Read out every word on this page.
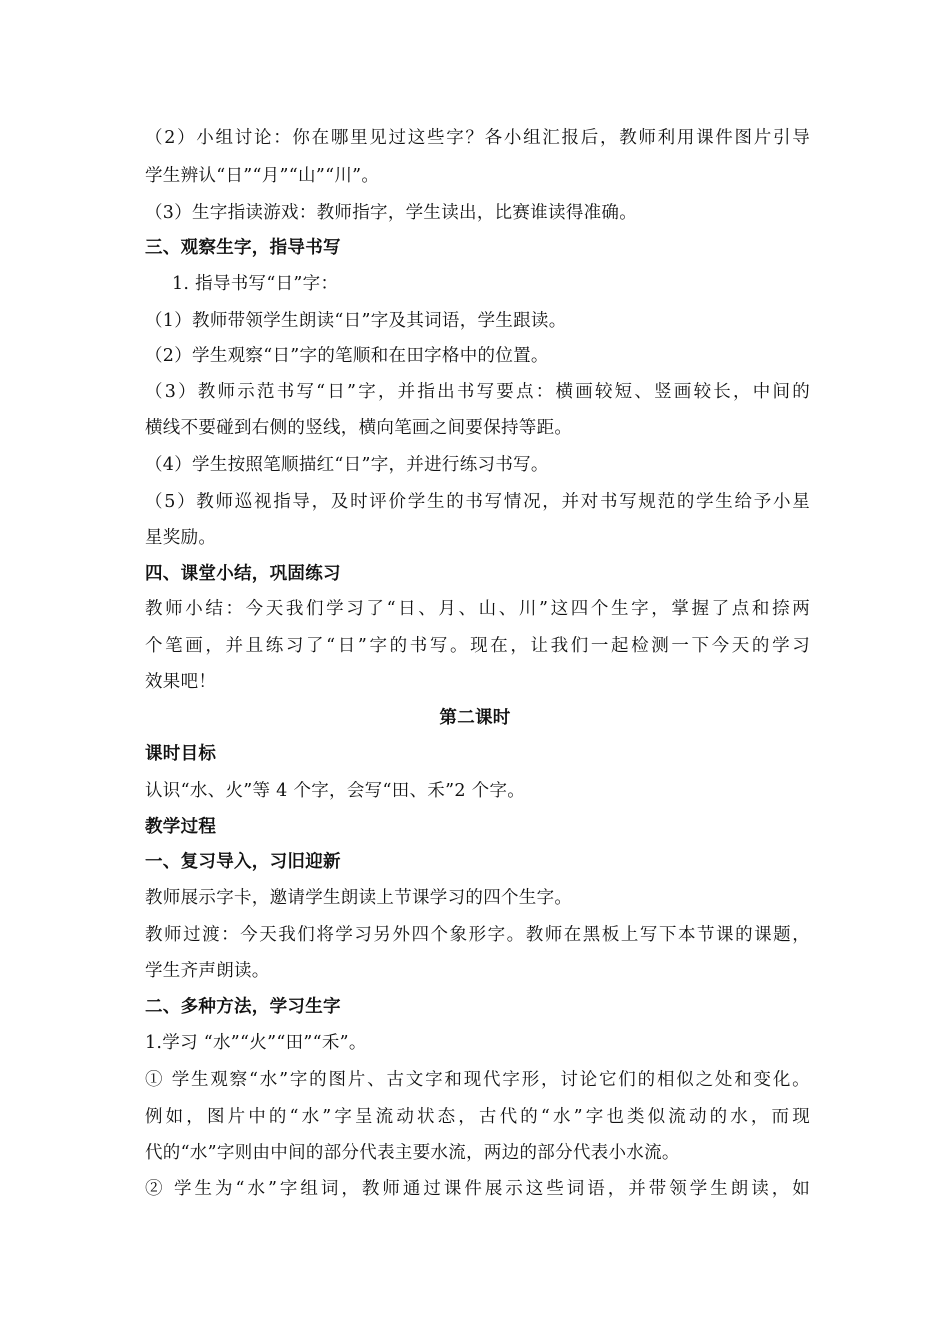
（2）小组讨论：你在哪里见过这些字？各小组汇报后，教师利用课件图片引导
学生辨认“日”“月”“山”“川”。
（3）生字指读游戏：教师指字，学生读出，比赛谁读得准确。
三、观察生字，指导书写
1. 指导书写“日”字：
（1）教师带领学生朗读“日”字及其词语，学生跟读。
（2）学生观察“日”字的笔顺和在田字格中的位置。
（3）教师示范书写“日”字，并指出书写要点：横画较短、竖画较长，中间的
横线不要碰到右侧的竖线，横向笔画之间要保持等距。
（4）学生按照笔顺描红“日”字，并进行练习书写。
（5）教师巡视指导，及时评价学生的书写情况，并对书写规范的学生给予小星
星奖励。
四、课堂小结，巩固练习
教师小结：今天我们学习了“日、月、山、川”这四个生字，掌握了点和捺两
个笔画，并且练习了“日”字的书写。现在，让我们一起检测一下今天的学习
效果吧！
第二课时
课时目标
认识“水、火”等 4 个字，会写“田、禾”2 个字。
教学过程
一、复习导入，习旧迎新
教师展示字卡，邀请学生朗读上节课学习的四个生字。
教师过渡：今天我们将学习另外四个象形字。教师在黑板上写下本节课的课题，
学生齐声朗读。
二、多种方法，学习生字
1.学习 “水”“火”“田”“禾”。
① 学生观察“水”字的图片、古文字和现代字形，讨论它们的相似之处和变化。
例如，图片中的“水”字呈流动状态，古代的“水”字也类似流动的水，而现
代的“水”字则由中间的部分代表主要水流，两边的部分代表小水流。
② 学生为“水”字组词，教师通过课件展示这些词语，并带领学生朗读，如
